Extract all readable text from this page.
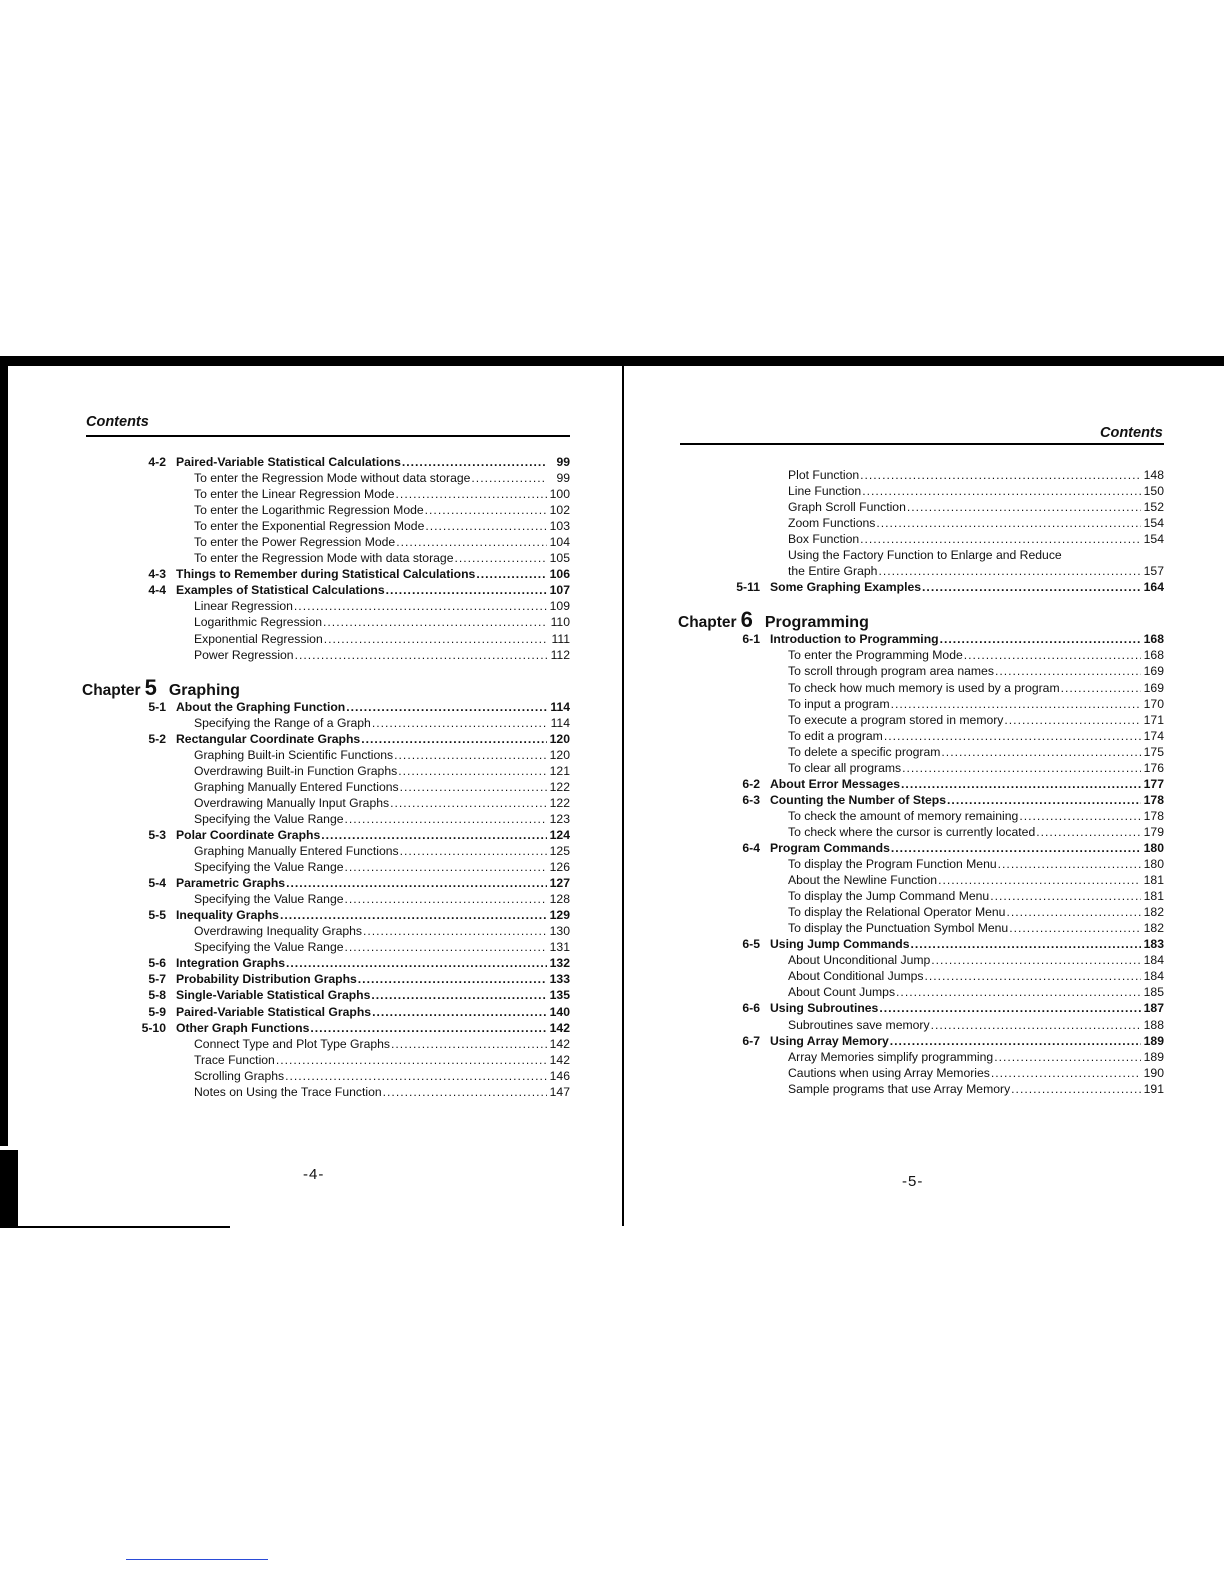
Contents
4-2 Paired-Variable Statistical Calculations .....	99
To enter the Regression Mode without data storage .....	99
To enter the Linear Regression Mode .....	100
To enter the Logarithmic Regression Mode .....	102
To enter the Exponential Regression Mode .....	103
To enter the Power Regression Mode .....	104
To enter the Regression Mode with data storage .....	105
4-3 Things to Remember during Statistical Calculations .....	106
4-4 Examples of Statistical Calculations .....	107
Linear Regression .....	109
Logarithmic Regression .....	110
Exponential Regression .....	111
Power Regression .....	112
Chapter 5 Graphing
5-1 About the Graphing Function .....	114
Specifying the Range of a Graph .....	114
5-2 Rectangular Coordinate Graphs .....	120
Graphing Built-in Scientific Functions .....	120
Overdrawing Built-in Function Graphs .....	121
Graphing Manually Entered Functions .....	122
Overdrawing Manually Input Graphs .....	122
Specifying the Value Range .....	123
5-3 Polar Coordinate Graphs .....	124
Graphing Manually Entered Functions .....	125
Specifying the Value Range .....	126
5-4 Parametric Graphs .....	127
Specifying the Value Range .....	128
5-5 Inequality Graphs .....	129
Overdrawing Inequality Graphs .....	130
Specifying the Value Range .....	131
5-6 Integration Graphs .....	132
5-7 Probability Distribution Graphs .....	133
5-8 Single-Variable Statistical Graphs .....	135
5-9 Paired-Variable Statistical Graphs .....	140
5-10 Other Graph Functions .....	142
Connect Type and Plot Type Graphs .....	142
Trace Function .....	142
Scrolling Graphs .....	146
Notes on Using the Trace Function .....	147
-4-
Contents
Plot Function .....	148
Line Function .....	150
Graph Scroll Function .....	152
Zoom Functions .....	154
Box Function .....	154
Using the Factory Function to Enlarge and Reduce
the Entire Graph .....	157
5-11 Some Graphing Examples .....	164
Chapter 6 Programming
6-1 Introduction to Programming .....	168
To enter the Programming Mode .....	168
To scroll through program area names .....	169
To check how much memory is used by a program .....	169
To input a program .....	170
To execute a program stored in memory .....	171
To edit a program .....	174
To delete a specific program .....	175
To clear all programs .....	176
6-2 About Error Messages .....	177
6-3 Counting the Number of Steps .....	178
To check the amount of memory remaining .....	178
To check where the cursor is currently located .....	179
6-4 Program Commands .....	180
To display the Program Function Menu .....	180
About the Newline Function .....	181
To display the Jump Command Menu .....	181
To display the Relational Operator Menu .....	182
To display the Punctuation Symbol Menu .....	182
6-5 Using Jump Commands .....	183
About Unconditional Jump .....	184
About Conditional Jumps .....	184
About Count Jumps .....	185
6-6 Using Subroutines .....	187
Subroutines save memory .....	188
6-7 Using Array Memory .....	189
Array Memories simplify programming .....	189
Cautions when using Array Memories .....	190
Sample programs that use Array Memory .....	191
-5-
